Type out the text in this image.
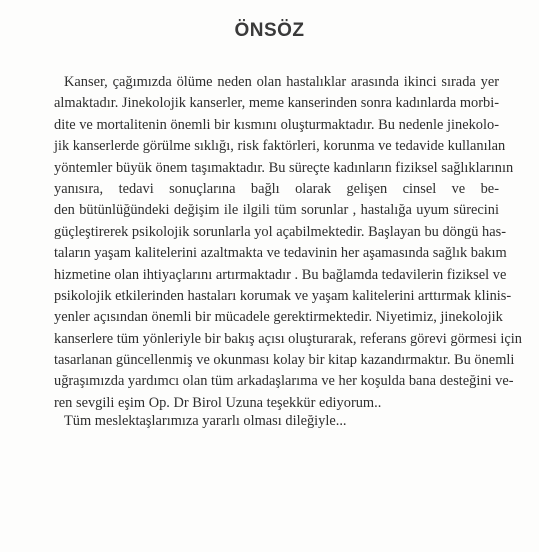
ÖNSÖZ
Kanser, çağımızda ölüme neden olan hastalıklar arasında ikinci sırada yer
almaktadır. Jinekolojik kanserler, meme kanserinden sonra kadınlarda morbi-
dite ve mortalitenin önemli bir kısmını oluşturmaktadır. Bu nedenle jinekolo-
jik kanserlerde görülme sıklığı, risk faktörleri, korunma ve tedavide kullanılan
yöntemler büyük önem taşımaktadır. Bu süreçte kadınların fiziksel sağlıklarının
yanısıra, tedavi sonuçlarına bağlı olarak gelişen cinsel ve be-
den bütünlüğündeki değişim ile ilgili tüm sorunlar , hastalığa uyum sürecini
güçleştirerek psikolojik sorunlarla yol açabilmektedir. Başlayan bu döngü has-
taların yaşam kalitelerini azaltmakta ve tedavinin her aşamasında sağlık bakım
hizmetine olan ihtiyaçlarını artırmaktadır . Bu bağlamda tedavilerin fiziksel ve
psikolojik etkilerinden hastaları korumak ve yaşam kalitelerini arttırmak klinis-
yenler açısından önemli bir mücadele gerektirmektedir. Niyetimiz, jinekolojik
kanserlere tüm yönleriyle bir bakış açısı oluşturarak, referans görevi görmesi için
tasarlanan güncellenmiş ve okunması kolay bir kitap kazandırmaktır. Bu önemli
uğraşımızda yardımcı olan tüm arkadaşlarıma ve her koşulda bana desteğini ve-
ren sevgili eşim Op. Dr Birol Uzuna teşekkür ediyorum..
Tüm meslektaşlarımıza yararlı olması dileğiyle...
